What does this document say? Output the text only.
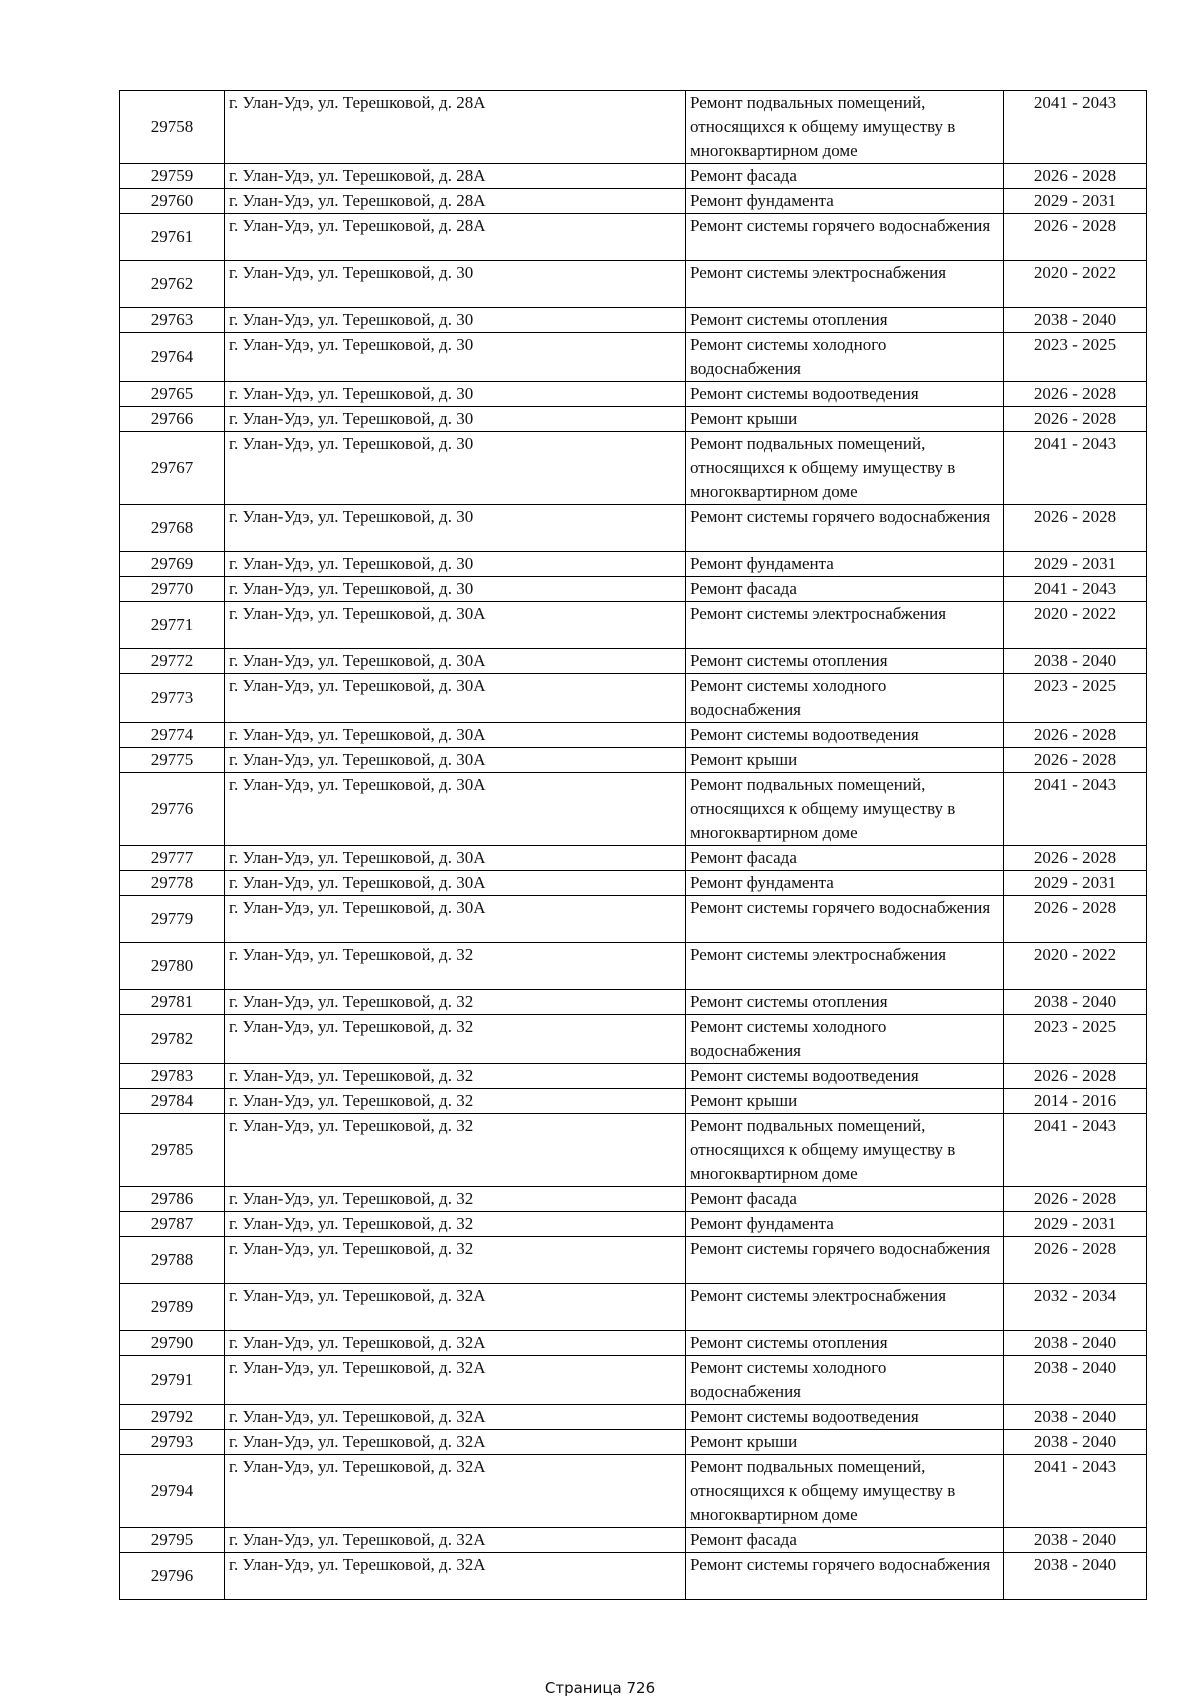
29758	г. Улан-Удэ, ул. Терешковой, д. 28А	Ремонт подвальных помещений, относящихся к общему имуществу в многоквартирном доме	2041 - 2043
29759	г. Улан-Удэ, ул. Терешковой, д. 28А	Ремонт фасада	2026 - 2028
29760	г. Улан-Удэ, ул. Терешковой, д. 28А	Ремонт фундамента	2029 - 2031
29761	г. Улан-Удэ, ул. Терешковой, д. 28А	Ремонт системы горячего водоснабжения	2026 - 2028
29762	г. Улан-Удэ, ул. Терешковой, д. 30	Ремонт системы электроснабжения	2020 - 2022
29763	г. Улан-Удэ, ул. Терешковой, д. 30	Ремонт системы отопления	2038 - 2040
29764	г. Улан-Удэ, ул. Терешковой, д. 30	Ремонт системы холодного водоснабжения	2023 - 2025
29765	г. Улан-Удэ, ул. Терешковой, д. 30	Ремонт системы водоотведения	2026 - 2028
29766	г. Улан-Удэ, ул. Терешковой, д. 30	Ремонт крыши	2026 - 2028
29767	г. Улан-Удэ, ул. Терешковой, д. 30	Ремонт подвальных помещений, относящихся к общему имуществу в многоквартирном доме	2041 - 2043
29768	г. Улан-Удэ, ул. Терешковой, д. 30	Ремонт системы горячего водоснабжения	2026 - 2028
29769	г. Улан-Удэ, ул. Терешковой, д. 30	Ремонт фундамента	2029 - 2031
29770	г. Улан-Удэ, ул. Терешковой, д. 30	Ремонт фасада	2041 - 2043
29771	г. Улан-Удэ, ул. Терешковой, д. 30А	Ремонт системы электроснабжения	2020 - 2022
29772	г. Улан-Удэ, ул. Терешковой, д. 30А	Ремонт системы отопления	2038 - 2040
29773	г. Улан-Удэ, ул. Терешковой, д. 30А	Ремонт системы холодного водоснабжения	2023 - 2025
29774	г. Улан-Удэ, ул. Терешковой, д. 30А	Ремонт системы водоотведения	2026 - 2028
29775	г. Улан-Удэ, ул. Терешковой, д. 30А	Ремонт крыши	2026 - 2028
29776	г. Улан-Удэ, ул. Терешковой, д. 30А	Ремонт подвальных помещений, относящихся к общему имуществу в многоквартирном доме	2041 - 2043
29777	г. Улан-Удэ, ул. Терешковой, д. 30А	Ремонт фасада	2026 - 2028
29778	г. Улан-Удэ, ул. Терешковой, д. 30А	Ремонт фундамента	2029 - 2031
29779	г. Улан-Удэ, ул. Терешковой, д. 30А	Ремонт системы горячего водоснабжения	2026 - 2028
29780	г. Улан-Удэ, ул. Терешковой, д. 32	Ремонт системы электроснабжения	2020 - 2022
29781	г. Улан-Удэ, ул. Терешковой, д. 32	Ремонт системы отопления	2038 - 2040
29782	г. Улан-Удэ, ул. Терешковой, д. 32	Ремонт системы холодного водоснабжения	2023 - 2025
29783	г. Улан-Удэ, ул. Терешковой, д. 32	Ремонт системы водоотведения	2026 - 2028
29784	г. Улан-Удэ, ул. Терешковой, д. 32	Ремонт крыши	2014 - 2016
29785	г. Улан-Удэ, ул. Терешковой, д. 32	Ремонт подвальных помещений, относящихся к общему имуществу в многоквартирном доме	2041 - 2043
29786	г. Улан-Удэ, ул. Терешковой, д. 32	Ремонт фасада	2026 - 2028
29787	г. Улан-Удэ, ул. Терешковой, д. 32	Ремонт фундамента	2029 - 2031
29788	г. Улан-Удэ, ул. Терешковой, д. 32	Ремонт системы горячего водоснабжения	2026 - 2028
29789	г. Улан-Удэ, ул. Терешковой, д. 32А	Ремонт системы электроснабжения	2032 - 2034
29790	г. Улан-Удэ, ул. Терешковой, д. 32А	Ремонт системы отопления	2038 - 2040
29791	г. Улан-Удэ, ул. Терешковой, д. 32А	Ремонт системы холодного водоснабжения	2038 - 2040
29792	г. Улан-Удэ, ул. Терешковой, д. 32А	Ремонт системы водоотведения	2038 - 2040
29793	г. Улан-Удэ, ул. Терешковой, д. 32А	Ремонт крыши	2038 - 2040
29794	г. Улан-Удэ, ул. Терешковой, д. 32А	Ремонт подвальных помещений, относящихся к общему имуществу в многоквартирном доме	2041 - 2043
29795	г. Улан-Удэ, ул. Терешковой, д. 32А	Ремонт фасада	2038 - 2040
29796	г. Улан-Удэ, ул. Терешковой, д. 32А	Ремонт системы горячего водоснабжения	2038 - 2040
Страница 726
